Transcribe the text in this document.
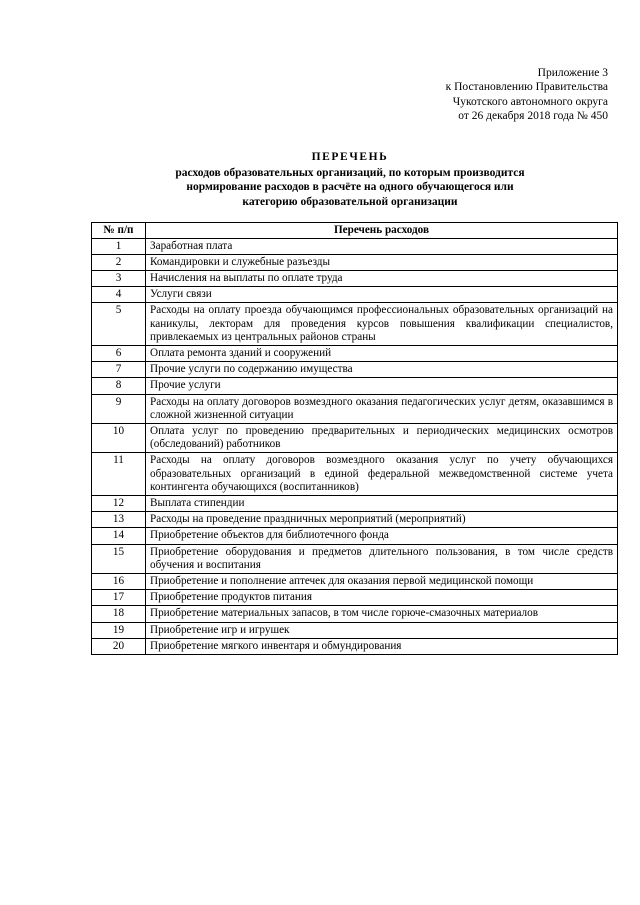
Приложение 3
к Постановлению Правительства
Чукотского автономного округа
от 26 декабря 2018 года № 450
ПЕРЕЧЕНЬ
расходов образовательных организаций, по которым производится
нормирование расходов в расчёте на одного обучающегося или
категорию образовательной организации
№ п/п	Перечень расходов
1	Заработная плата
2	Командировки и служебные разъезды
3	Начисления на выплаты по оплате труда
4	Услуги связи
5	Расходы на оплату проезда обучающимся профессиональных образовательных организаций на каникулы, лекторам для проведения курсов повышения квалификации специалистов, привлекаемых из центральных районов страны
6	Оплата ремонта зданий и сооружений
7	Прочие услуги по содержанию имущества
8	Прочие услуги
9	Расходы на оплату договоров возмездного оказания педагогических услуг детям, оказавшимся в сложной жизненной ситуации
10	Оплата услуг по проведению предварительных и периодических медицинских осмотров (обследований) работников
11	Расходы на оплату договоров возмездного оказания услуг по учету обучающихся образовательных организаций в единой федеральной межведомственной системе учета контингента обучающихся (воспитанников)
12	Выплата стипендии
13	Расходы на проведение праздничных мероприятий (мероприятий)
14	Приобретение объектов для библиотечного фонда
15	Приобретение оборудования и предметов длительного пользования, в том числе средств обучения и воспитания
16	Приобретение и пополнение аптечек для оказания первой медицинской помощи
17	Приобретение продуктов питания
18	Приобретение материальных запасов, в том числе горюче-смазочных материалов
19	Приобретение игр и игрушек
20	Приобретение мягкого инвентаря и обмундирования
